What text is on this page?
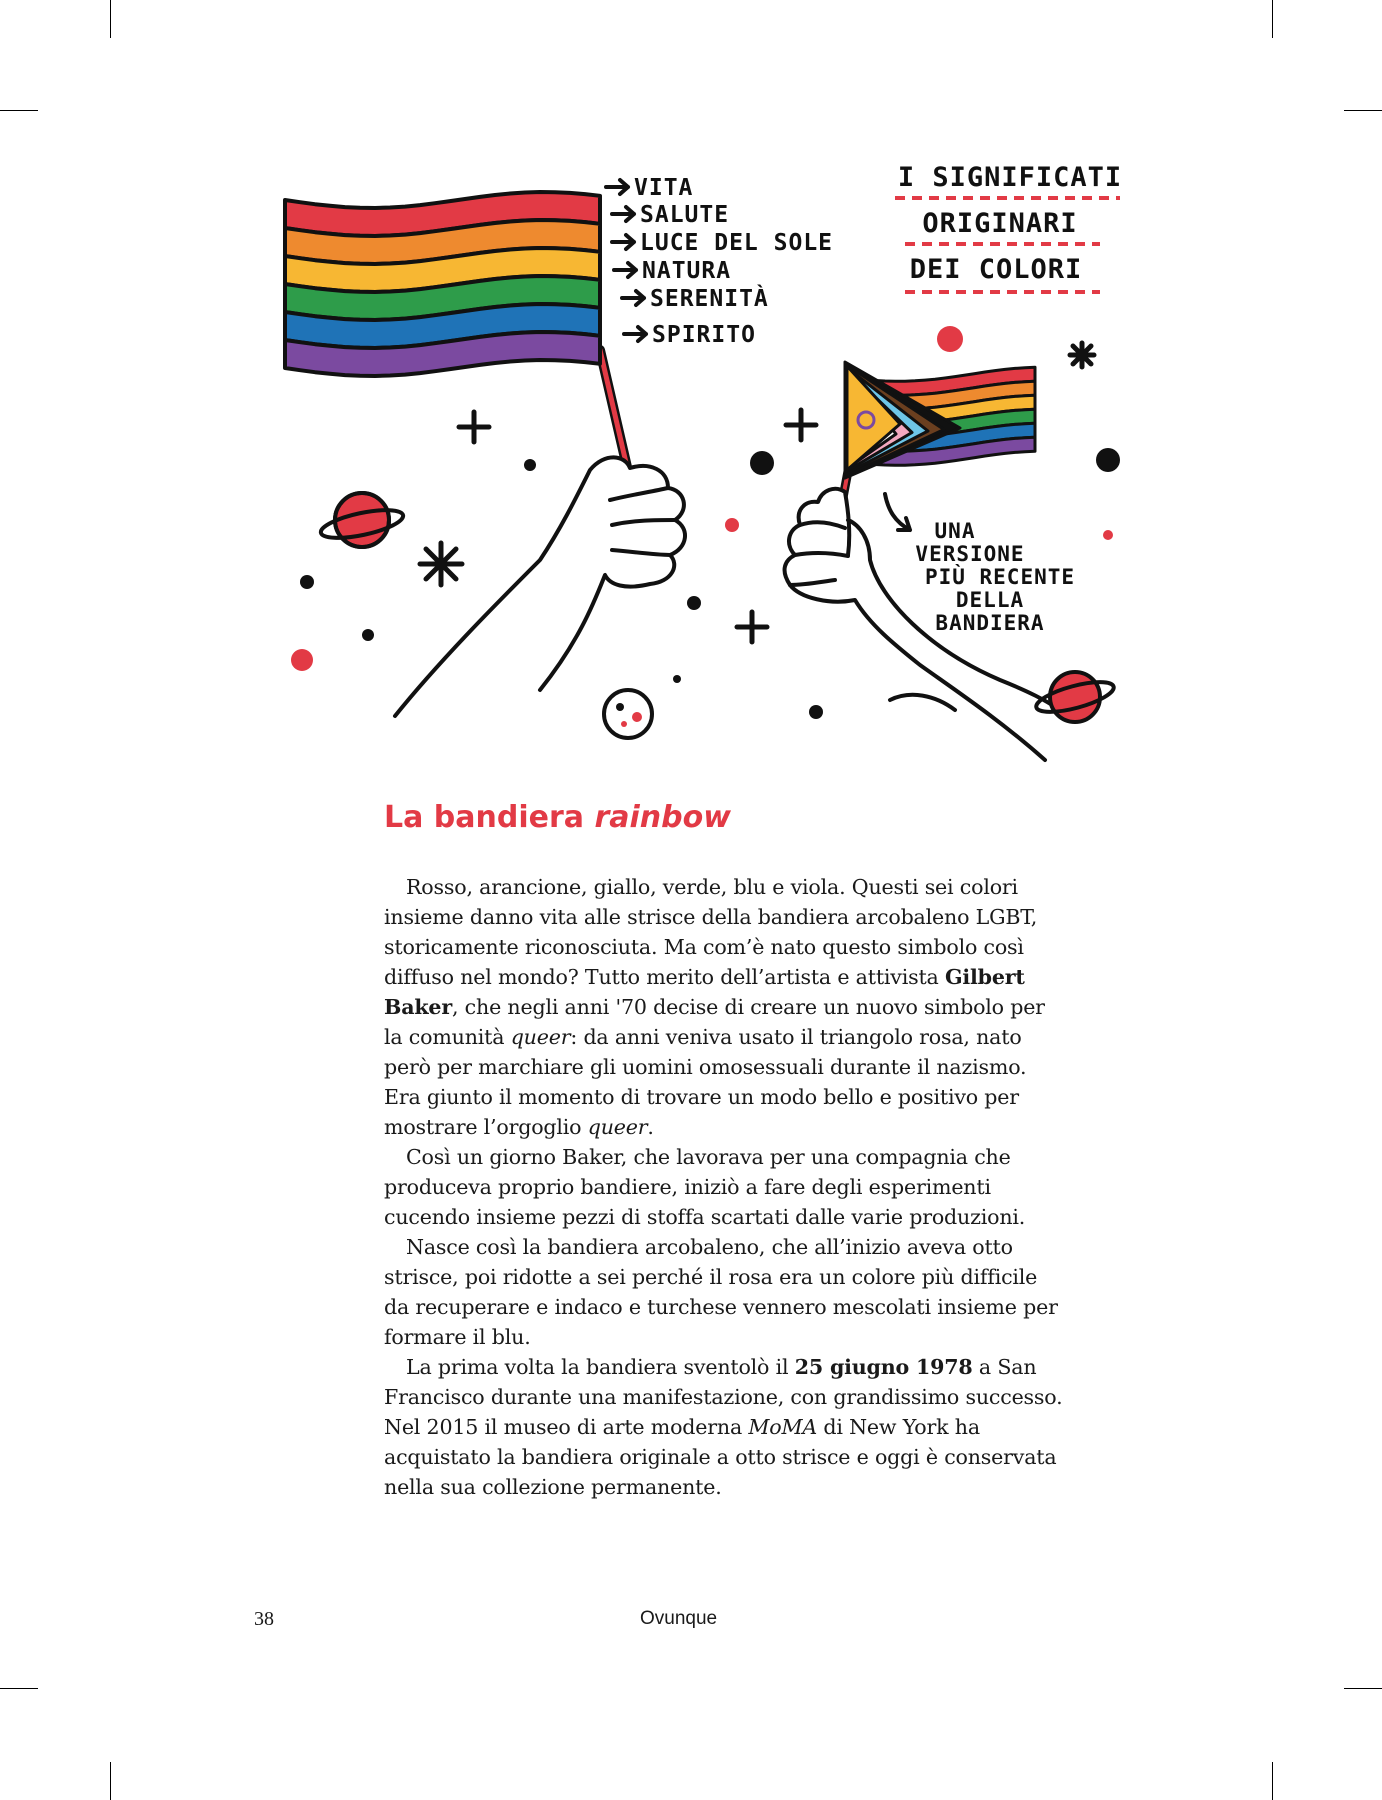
VITA
SALUTE
LUCE DEL SOLE
NATURA
SERENITÀ
SPIRITO
I SIGNIFICATI
ORIGINARI
DEI COLORI
UNA
VERSIONE
PIÙ RECENTE
DELLA
BANDIERA
La bandiera rainbow
Rosso, arancione, giallo, verde, blu e viola. Questi sei colori
insieme danno vita alle strisce della bandiera arcobaleno LGBT,
storicamente riconosciuta. Ma com’è nato questo simbolo così
diffuso nel mondo? Tutto merito dell’artista e attivista Gilbert
Baker, che negli anni '70 decise di creare un nuovo simbolo per
la comunità queer: da anni veniva usato il triangolo rosa, nato
però per marchiare gli uomini omosessuali durante il nazismo.
Era giunto il momento di trovare un modo bello e positivo per
mostrare l’orgoglio queer.
Così un giorno Baker, che lavorava per una compagnia che
produceva proprio bandiere, iniziò a fare degli esperimenti
cucendo insieme pezzi di stoffa scartati dalle varie produzioni.
Nasce così la bandiera arcobaleno, che all’inizio aveva otto
strisce, poi ridotte a sei perché il rosa era un colore più difficile
da recuperare e indaco e turchese vennero mescolati insieme per
formare il blu.
La prima volta la bandiera sventolò il 25 giugno 1978 a San
Francisco durante una manifestazione, con grandissimo successo.
Nel 2015 il museo di arte moderna MoMA di New York ha
acquistato la bandiera originale a otto strisce e oggi è conservata
nella sua collezione permanente.
38	Ovunque
